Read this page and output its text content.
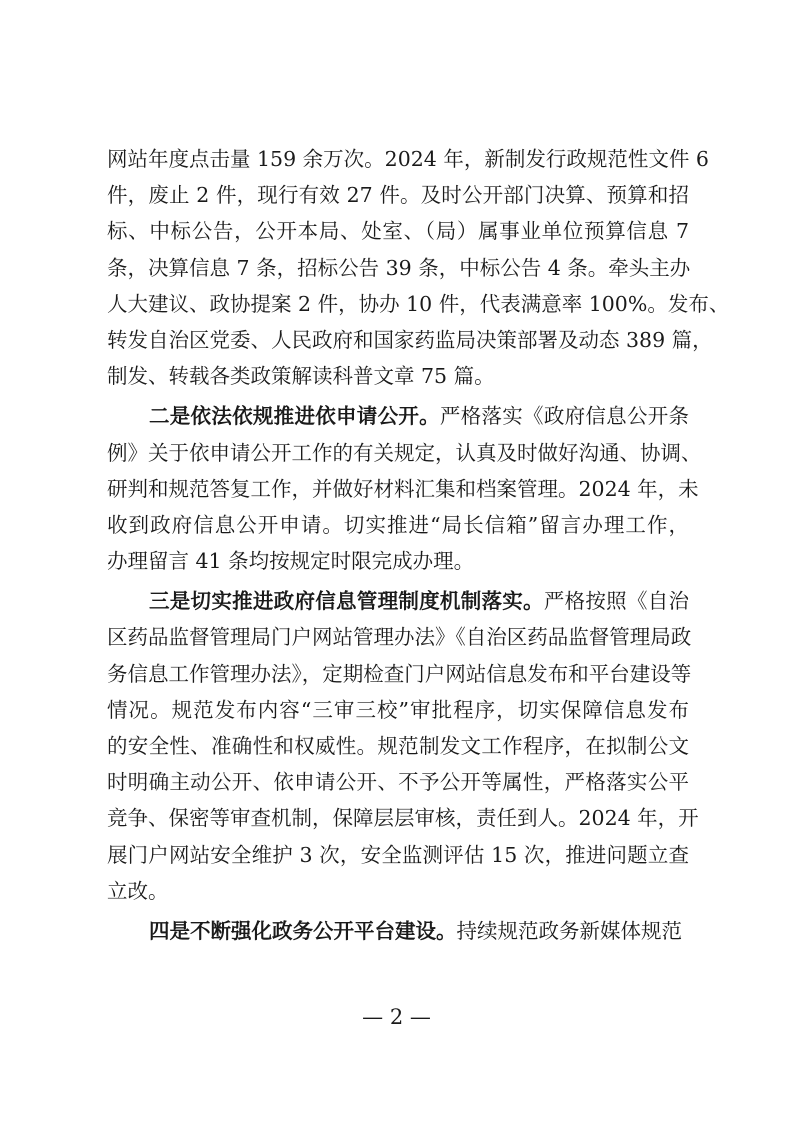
网站年度点击量 159 余万次。2024 年，新制发行政规范性文件 6
件，废止 2 件，现行有效 27 件。及时公开部门决算、预算和招
标、中标公告，公开本局、处室、（局）属事业单位预算信息 7
条，决算信息 7 条，招标公告 39 条，中标公告 4 条。牵头主办
人大建议、政协提案 2 件，协办 10 件，代表满意率 100%。发布、
转发自治区党委、人民政府和国家药监局决策部署及动态 389 篇，
制发、转载各类政策解读科普文章 75 篇。
二是依法依规推进依申请公开。严格落实《政府信息公开条
例》关于依申请公开工作的有关规定，认真及时做好沟通、协调、
研判和规范答复工作，并做好材料汇集和档案管理。2024 年，未
收到政府信息公开申请。切实推进“局长信箱”留言办理工作，
办理留言 41 条均按规定时限完成办理。
三是切实推进政府信息管理制度机制落实。严格按照《自治
区药品监督管理局门户网站管理办法》《自治区药品监督管理局政
务信息工作管理办法》，定期检查门户网站信息发布和平台建设等
情况。规范发布内容“三审三校”审批程序，切实保障信息发布
的安全性、准确性和权威性。规范制发文工作程序，在拟制公文
时明确主动公开、依申请公开、不予公开等属性，严格落实公平
竞争、保密等审查机制，保障层层审核，责任到人。2024 年，开
展门户网站安全维护 3 次，安全监测评估 15 次，推进问题立查
立改。
四是不断强化政务公开平台建设。持续规范政务新媒体规范
— 2 —
